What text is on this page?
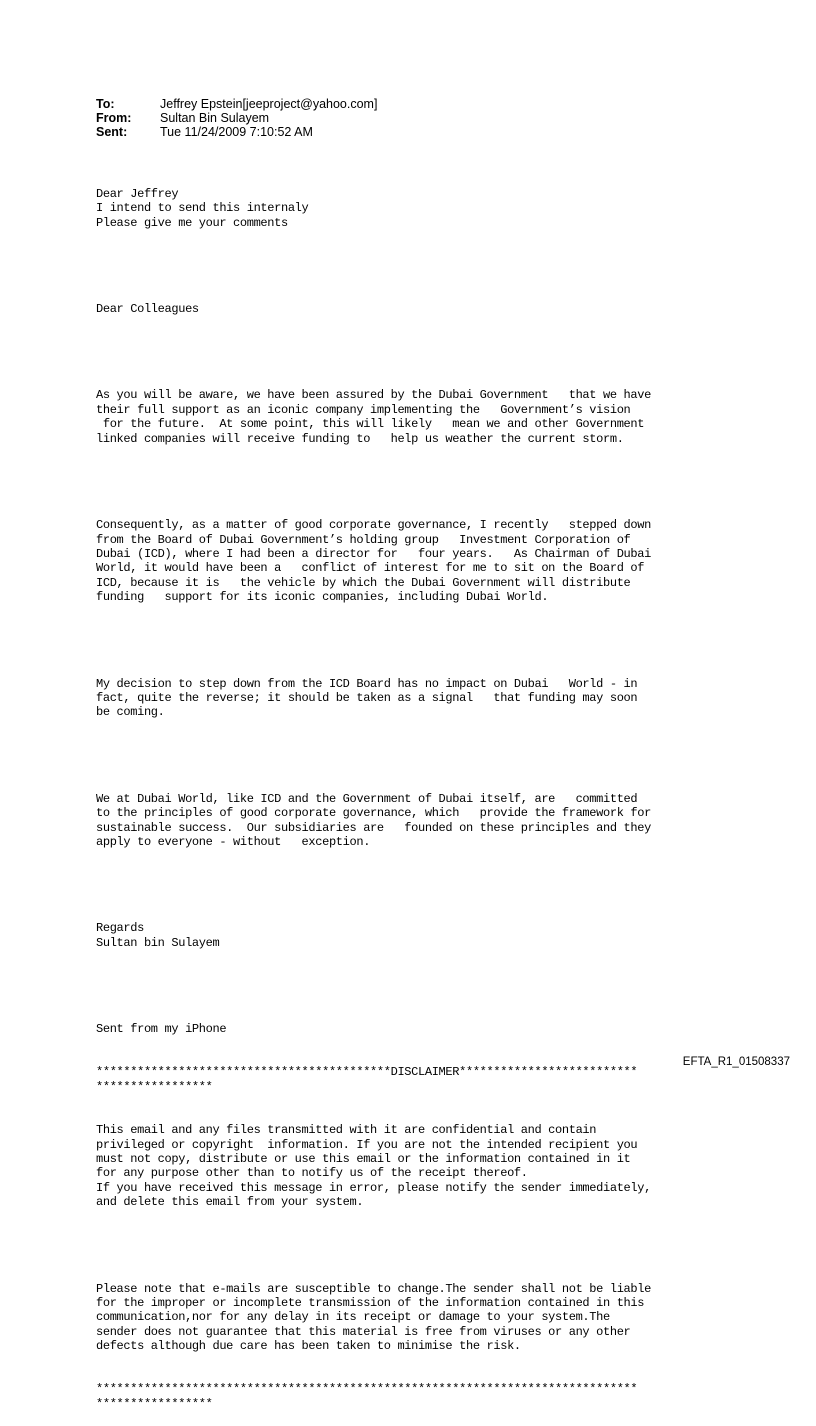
To:	Jeffrey Epstein[jeeproject@yahoo.com]
From:	Sultan Bin Sulayem
Sent:	Tue 11/24/2009 7:10:52 AM

Dear Jeffrey
I intend to send this internaly
Please give me your comments

Dear Colleagues

As you will be aware, we have been assured by the Dubai Government   that we have
their full support as an iconic company implementing the   Government’s vision
for the future.  At some point, this will likely   mean we and other Government
linked companies will receive funding to   help us weather the current storm.

Consequently, as a matter of good corporate governance, I recently   stepped down
from the Board of Dubai Government’s holding group   Investment Corporation of
Dubai (ICD), where I had been a director for   four years.   As Chairman of Dubai
World, it would have been a   conflict of interest for me to sit on the Board of
ICD, because it is   the vehicle by which the Dubai Government will distribute
funding   support for its iconic companies, including Dubai World.

My decision to step down from the ICD Board has no impact on Dubai   World - in
fact, quite the reverse; it should be taken as a signal   that funding may soon
be coming.

We at Dubai World, like ICD and the Government of Dubai itself, are   committed
to the principles of good corporate governance, which   provide the framework for
sustainable success.  Our subsidiaries are   founded on these principles and they
apply to everyone - without   exception.

Regards
Sultan bin Sulayem

Sent from my iPhone

*******************************************DISCLAIMER**************************
*****************

This email and any files transmitted with it are confidential and contain
privileged or copyright  information. If you are not the intended recipient you
must not copy, distribute or use this email or the information contained in it
for any purpose other than to notify us of the receipt thereof.
If you have received this message in error, please notify the sender immediately,
and delete this email from your system.

Please note that e-mails are susceptible to change.The sender shall not be liable
for the improper or incomplete transmission of the information contained in this
communication,nor for any delay in its receipt or damage to your system.The
sender does not guarantee that this material is free from viruses or any other
defects although due care has been taken to minimise the risk.

*******************************************************************************
*****************

EFTA_R1_01508337
